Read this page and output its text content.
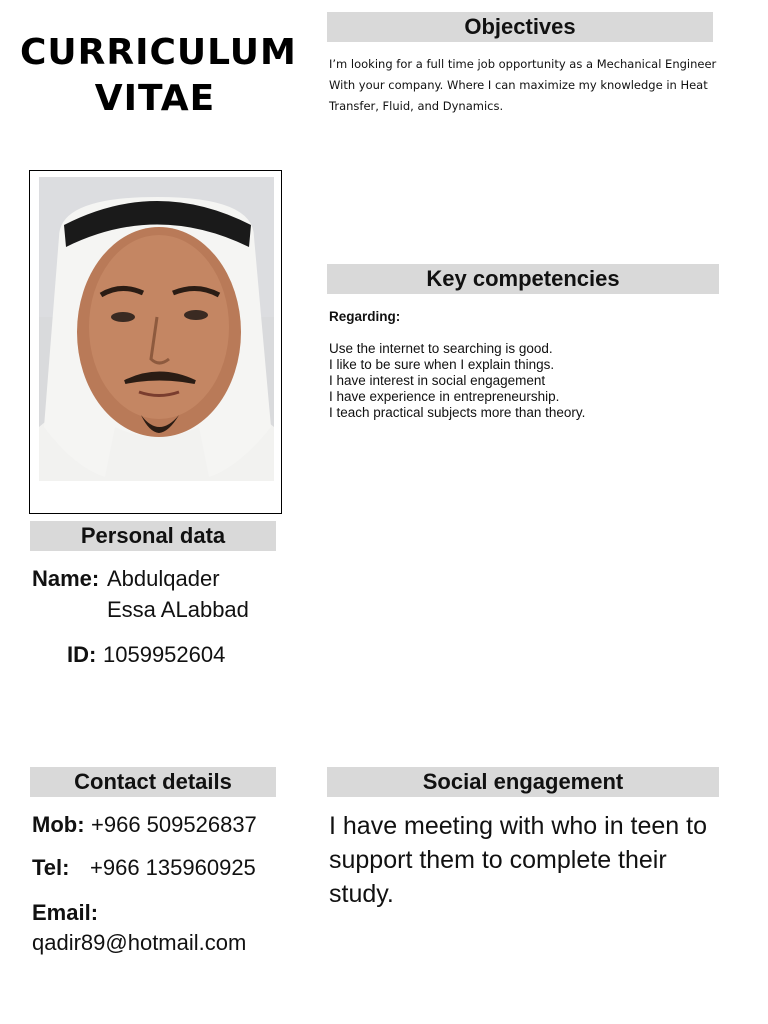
CURRICULUM VITAE
Objectives
I’m looking for a full time job opportunity as a Mechanical Engineer With your company. Where I can maximize my knowledge in Heat Transfer, Fluid, and Dynamics.
Key competencies
Regarding:
Use the internet to searching is good.
I like to be sure when I explain things.
I have interest in social engagement
I have experience in entrepreneurship.
I teach practical subjects more than theory.
Personal data
Name: Abdulqader
Essa ALabbad
ID: 1059952604
Contact details
Mob: +966 509526837
Tel: +966 135960925
Email:
qadir89@hotmail.com
Social engagement
I have meeting with who in teen to support them to complete their study.
